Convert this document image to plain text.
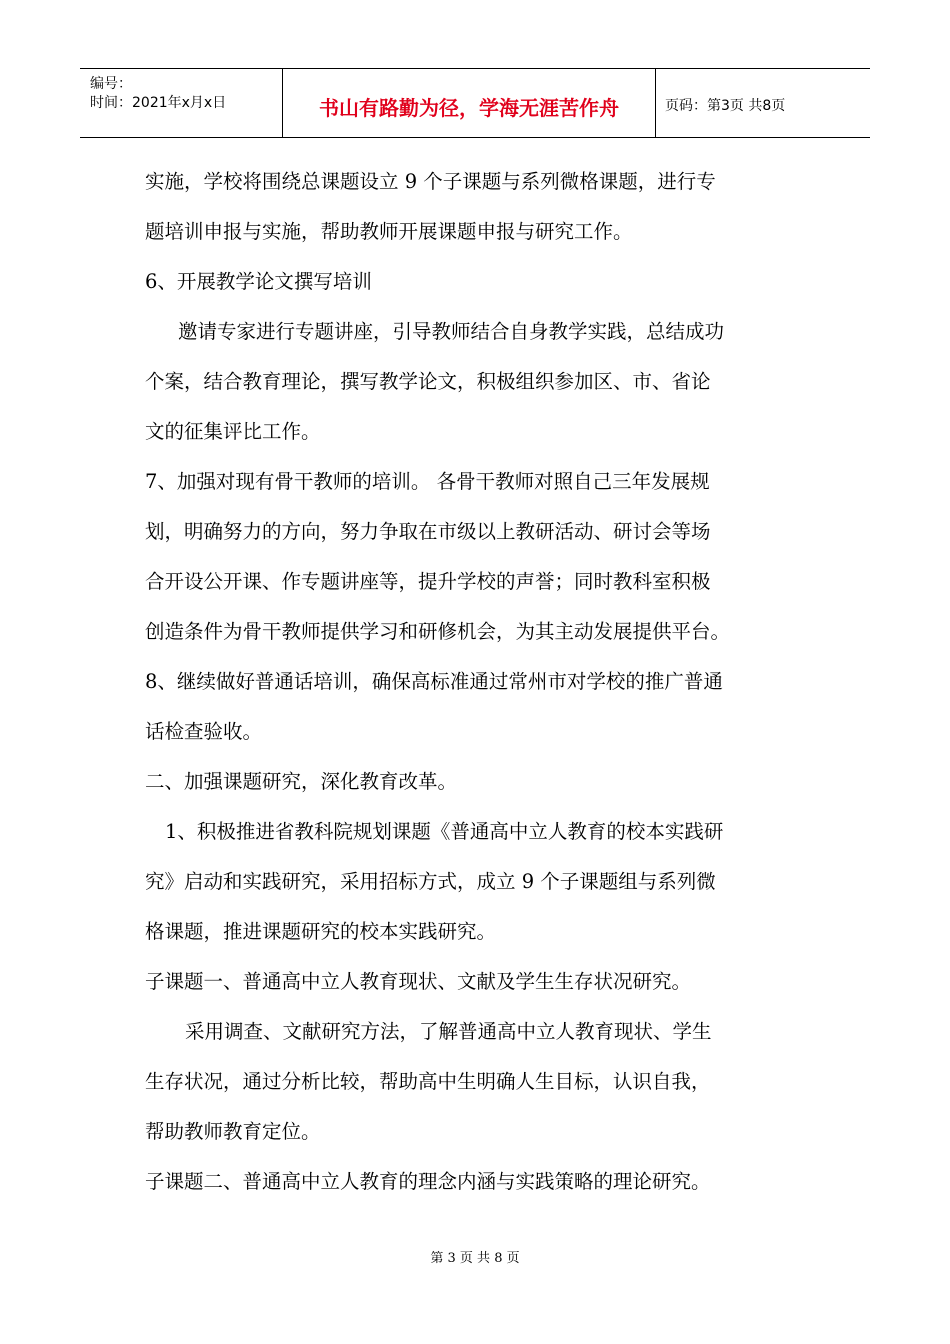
编号：
时间：2021年x月x日	书山有路勤为径，学海无涯苦作舟	页码：第3页 共8页
实施，学校将围绕总课题设立 9 个子课题与系列微格课题，进行专
题培训申报与实施，帮助教师开展课题申报与研究工作。
6、开展教学论文撰写培训
邀请专家进行专题讲座，引导教师结合自身教学实践，总结成功
个案，结合教育理论，撰写教学论文，积极组织参加区、市、省论
文的征集评比工作。
7、加强对现有骨干教师的培训。 各骨干教师对照自己三年发展规
划，明确努力的方向，努力争取在市级以上教研活动、研讨会等场
合开设公开课、作专题讲座等，提升学校的声誉；同时教科室积极
创造条件为骨干教师提供学习和研修机会，为其主动发展提供平台。
8、继续做好普通话培训，确保高标准通过常州市对学校的推广普通
话检查验收。
二、加强课题研究，深化教育改革。
1、积极推进省教科院规划课题《普通高中立人教育的校本实践研
究》启动和实践研究，采用招标方式，成立 9 个子课题组与系列微
格课题，推进课题研究的校本实践研究。
子课题一、普通高中立人教育现状、文献及学生生存状况研究。
采用调查、文献研究方法，了解普通高中立人教育现状、学生
生存状况，通过分析比较，帮助高中生明确人生目标，认识自我，
帮助教师教育定位。
子课题二、普通高中立人教育的理念内涵与实践策略的理论研究。
第 3 页 共 8 页
